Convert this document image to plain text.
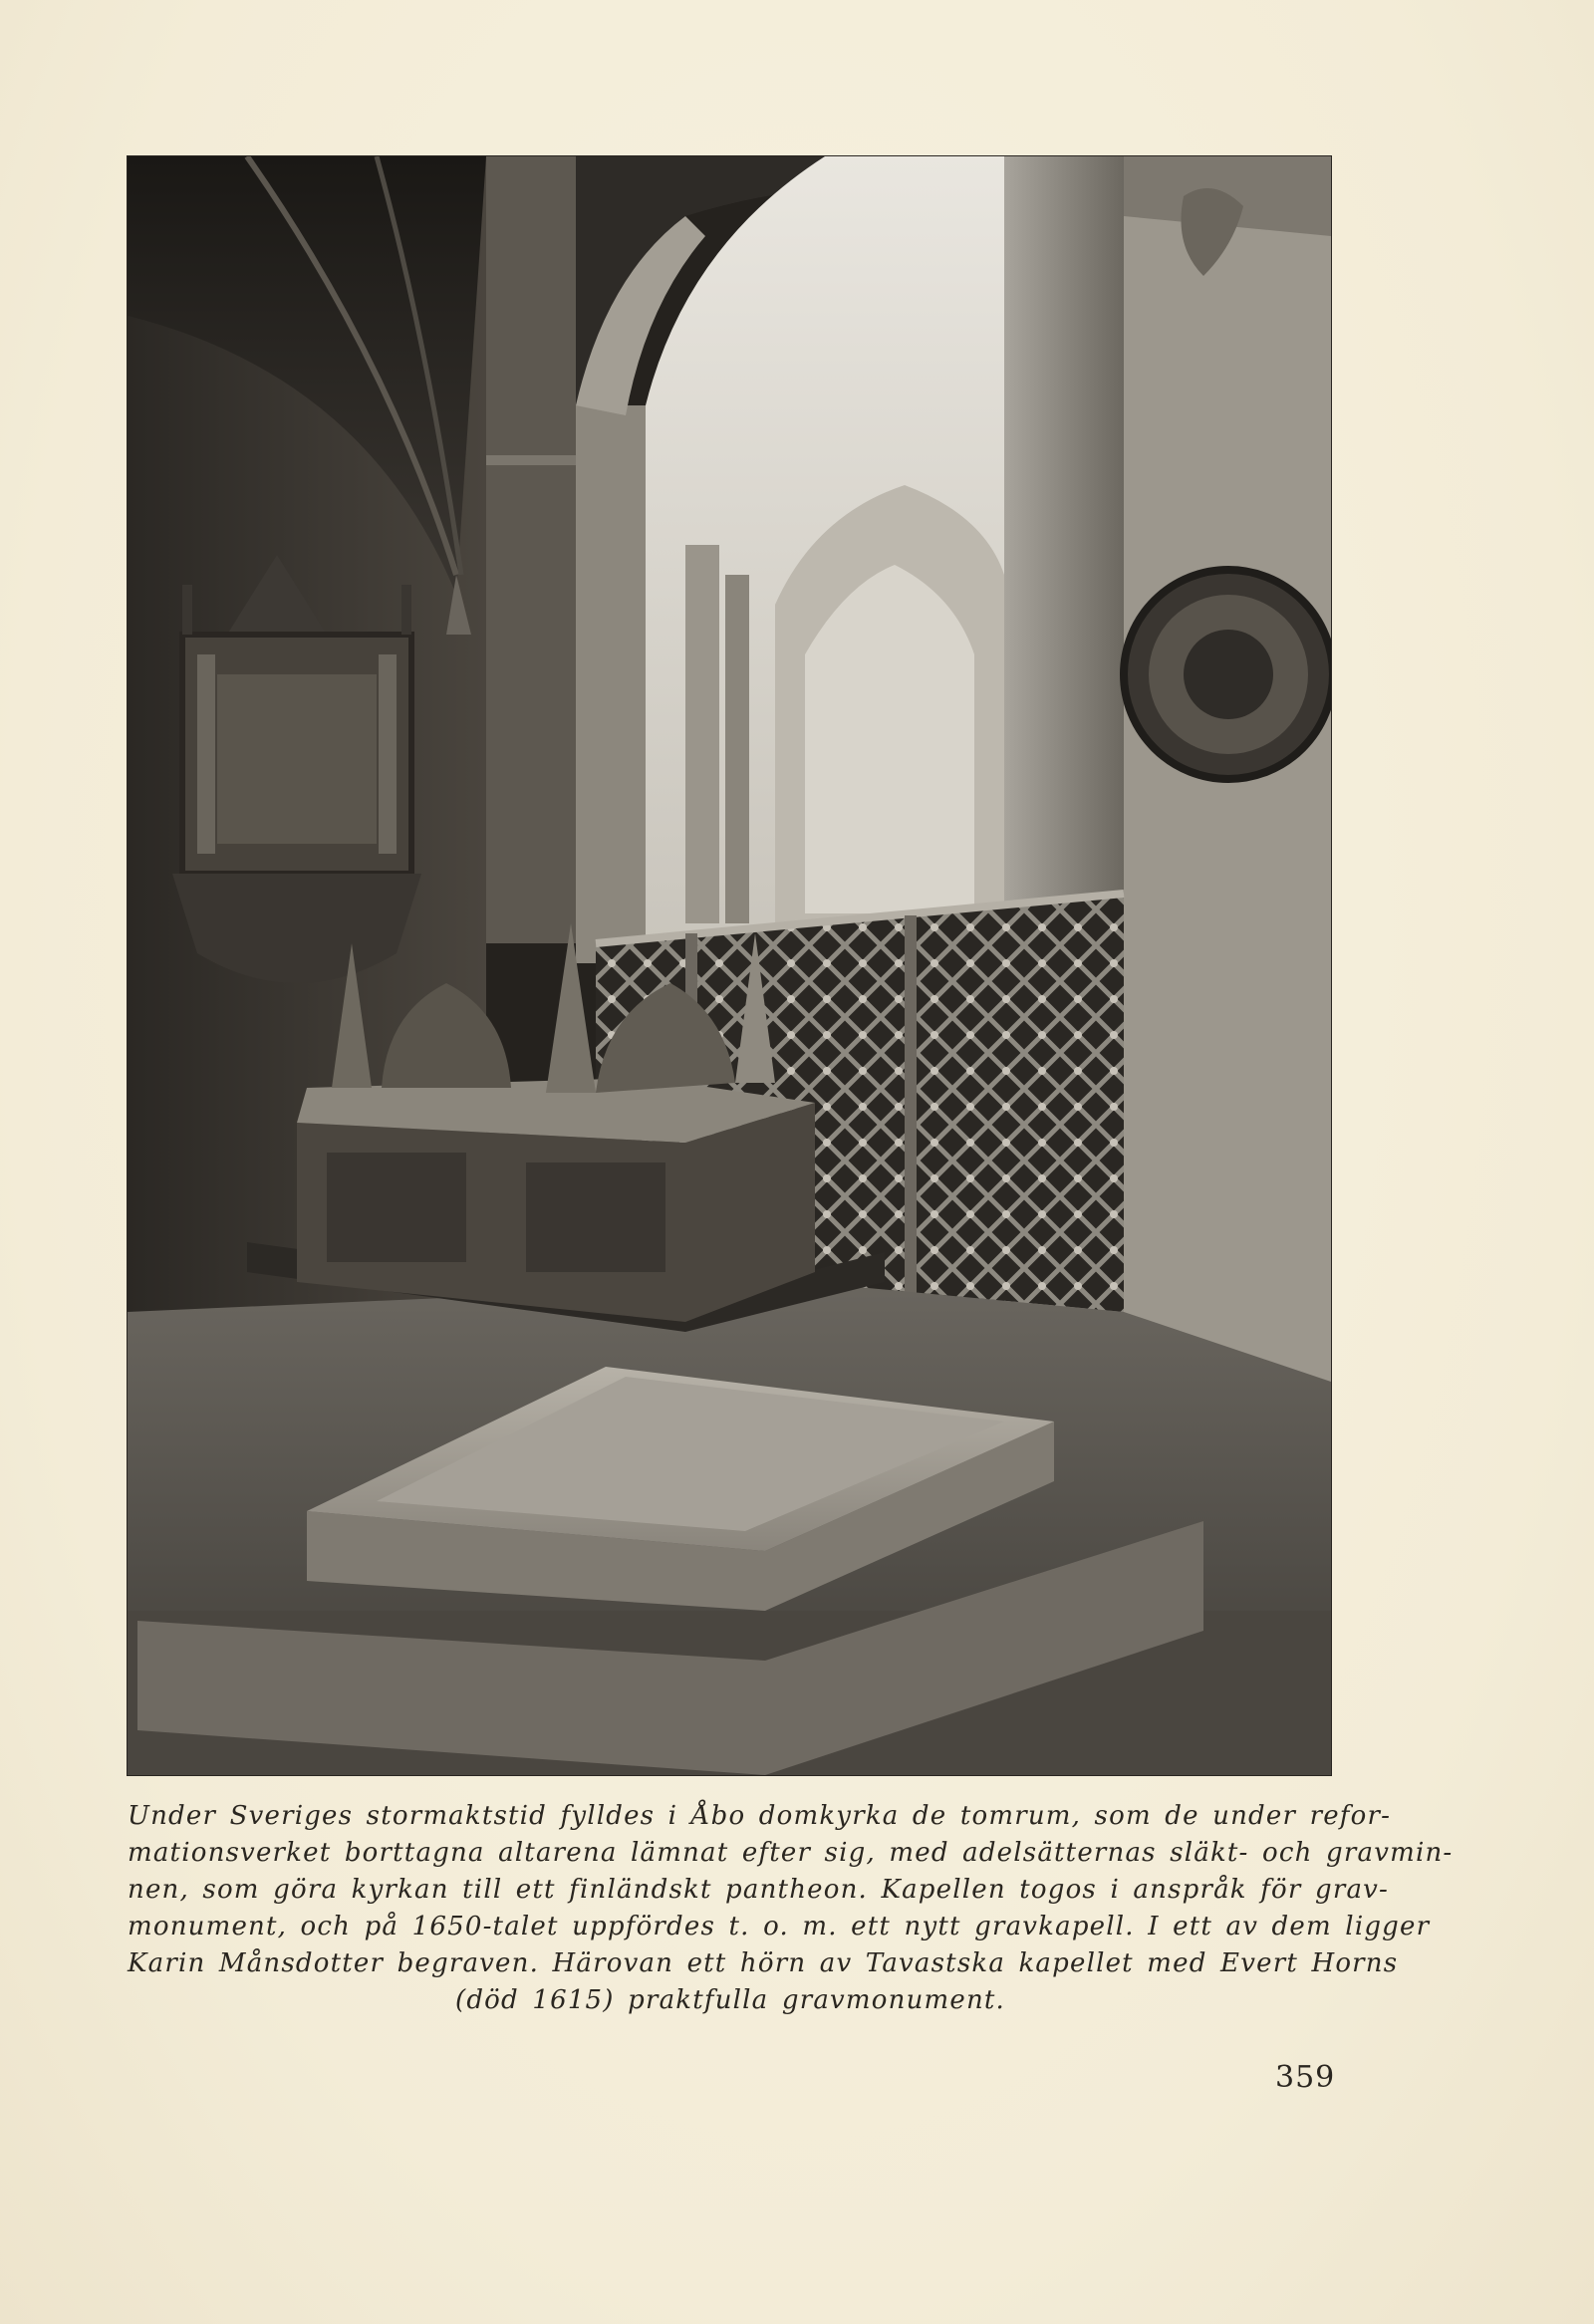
Under Sveriges stormaktstid fylldes i Åbo domkyrka de tomrum, som de under refor-
mationsverket borttagna altarena lämnat efter sig, med adelsätternas släkt- och gravmin-
nen, som göra kyrkan till ett finländskt pantheon. Kapellen togos i anspråk för grav-
monument, och på 1650-talet uppfördes t. o. m. ett nytt gravkapell. I ett av dem ligger
Karin Månsdotter begraven. Härovan ett hörn av Tavastska kapellet med Evert Horns
(död 1615) praktfulla gravmonument.
359
